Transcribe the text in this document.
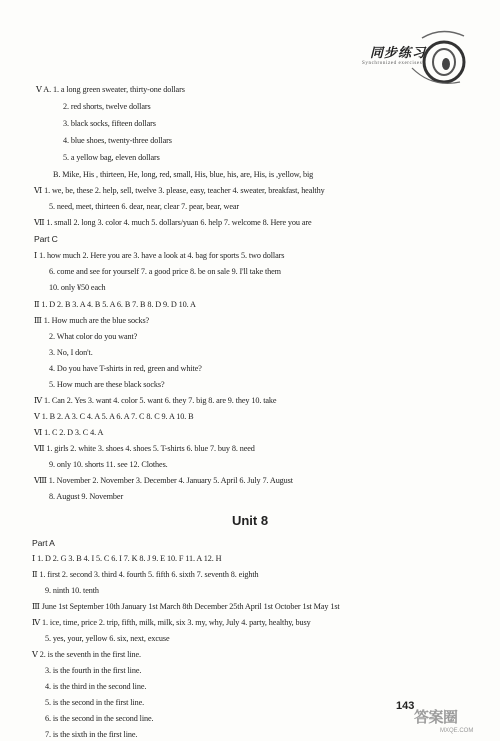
同步练习
Synchronized exercises
Ⅴ A. 1. a long green sweater, thirty-one dollars
2. red shorts, twelve dollars
3. black socks, fifteen dollars
4. blue shoes, twenty-three dollars
5. a yellow bag, eleven dollars
B. Mike, His , thirteen, He, long, red, small, His, blue, his, are, His, is ,yellow, big
Ⅵ 1. we, be, these 2. help, sell, twelve 3. please, easy, teacher 4. sweater, breakfast, healthy
5. need, meet, thirteen 6. dear, near, clear 7. pear, bear, wear
Ⅶ 1. small 2. long 3. color 4. much 5. dollars/yuan 6. help 7. welcome 8. Here you are
Part C
Ⅰ 1. how much 2. Here you are 3. have a look at 4. bag for sports 5. two dollars
6. come and see for yourself 7. a good price 8. be on sale 9. I'll take them
10. only ¥50 each
Ⅱ 1. D 2. B 3. A 4. B 5. A 6. B 7. B 8. D 9. D 10. A
Ⅲ 1. How much are the blue socks?
2. What color do you want?
3. No, I don't.
4. Do you have T-shirts in red, green and white?
5. How much are these black socks?
Ⅳ 1. Can 2. Yes 3. want 4. color 5. want 6. they 7. big 8. are 9. they 10. take
Ⅴ 1. B 2. A 3. C 4. A 5. A 6. A 7. C 8. C 9. A 10. B
Ⅵ 1. C 2. D 3. C 4. A
Ⅶ 1. girls 2. white 3. shoes 4. shoes 5. T-shirts 6. blue 7. buy 8. need
9. only 10. shorts 11. see 12. Clothes.
Ⅷ 1. November 2. November 3. December 4. January 5. April 6. July 7. August
8. August 9. November
Unit 8
Part A
Ⅰ 1. D 2. G 3. B 4. I 5. C 6. I 7. K 8. J 9. E 10. F 11. A 12. H
Ⅱ 1. first 2. second 3. third 4. fourth 5. fifth 6. sixth 7. seventh 8. eighth
9. ninth 10. tenth
Ⅲ June 1st September 10th January 1st March 8th December 25th April 1st October 1st May 1st
Ⅳ 1. ice, time, price 2. trip, fifth, milk, milk, six 3. my, why, July 4. party, healthy, busy
5. yes, your, yellow 6. six, next, excuse
Ⅴ 2. is the seventh in the first line.
3. is the fourth in the first line.
4. is the third in the second line.
5. is the second in the first line.
6. is the second in the second line.
7. is the sixth in the first line.
143
答案圈
MXQE.COM
